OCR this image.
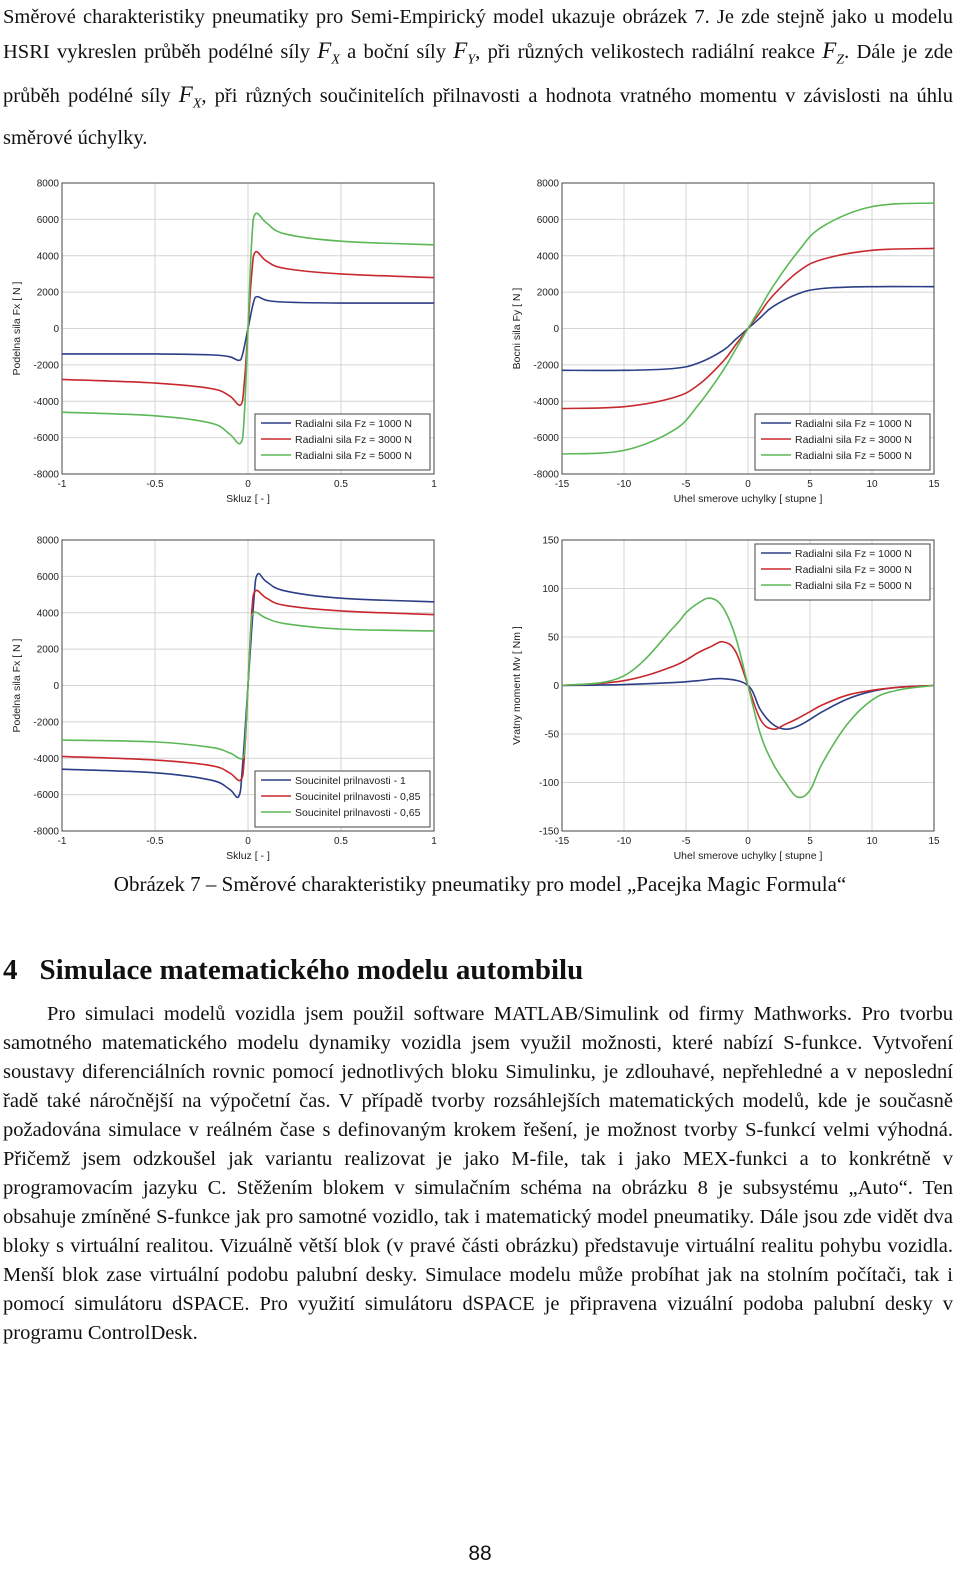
Směrové charakteristiky pneumatiky pro Semi-Empirický model ukazuje obrázek 7. Je zde stejně jako u modelu HSRI vykreslen průběh podélné síly $F_X$ a boční síly $F_Y$, při různých velikostech radiální reakce $F_Z$. Dále je zde průběh podélné síly $F_X$, při různých součinitelích přilnavosti a hodnota vratného momentu v závislosti na úhlu směrové úchylky.

-1	-0.5	0	0.5	1
-8000
-6000
-4000
-2000
0
2000
4000
6000
8000
Skluz [ - ]
Podelna sila Fx [ N ]
Radialni sila Fz = 1000 N
Radialni sila Fz = 3000 N
Radialni sila Fz = 5000 N
-15	-10	-5	0	5	10	15
-8000
-6000
-4000
-2000
0
2000
4000
6000
8000
Uhel smerove uchylky [ stupne ]
Bocni sila Fy [ N ]
Radialni sila Fz = 1000 N
Radialni sila Fz = 3000 N
Radialni sila Fz = 5000 N
-1	-0.5	0	0.5	1
-8000
-6000
-4000
-2000
0
2000
4000
6000
8000
Skluz [ - ]
Podelna sila Fx [ N ]
Soucinitel prilnavosti - 1
Soucinitel prilnavosti - 0,85
Soucinitel prilnavosti - 0,65
-15	-10	-5	0	5	10	15
-150
-100
-50
0
50
100
150
Uhel smerove uchylky [ stupne ]
Vratny moment Mv [ Nm ]
Radialni sila Fz = 1000 N
Radialni sila Fz = 3000 N
Radialni sila Fz = 5000 N
Obrázek 7 – Směrové charakteristiky pneumatiky pro model „Pacejka Magic Formula“
4 Simulace matematického modelu autombilu

Pro simulaci modelů vozidla jsem použil software MATLAB/Simulink od firmy Mathworks. Pro tvorbu samotného matematického modelu dynamiky vozidla jsem využil možnosti, které nabízí S-funkce. Vytvoření soustavy diferenciálních rovnic pomocí jednotlivých bloku Simulinku, je zdlouhavé, nepřehledné a v neposlední řadě také náročnější na výpočetní čas. V případě tvorby rozsáhlejších matematických modelů, kde je současně požadována simulace v reálném čase s definovaným krokem řešení, je možnost tvorby S-funkcí velmi výhodná. Přičemž jsem odzkoušel jak variantu realizovat je jako M-file, tak i jako MEX-funkci a to konkrétně v programovacím jazyku C. Stěžením blokem v simulačním schéma na obrázku 8 je subsystému „Auto“. Ten obsahuje zmíněné S-funkce jak pro samotné vozidlo, tak i matematický model pneumatiky. Dále jsou zde vidět dva bloky s virtuální realitou. Vizuálně větší blok (v pravé části obrázku) představuje virtuální realitu pohybu vozidla. Menší blok zase virtuální podobu palubní desky. Simulace modelu může probíhat jak na stolním počítači, tak i pomocí simulátoru dSPACE. Pro využití simulátoru dSPACE je připravena vizuální podoba palubní desky v programu ControlDesk.

88
